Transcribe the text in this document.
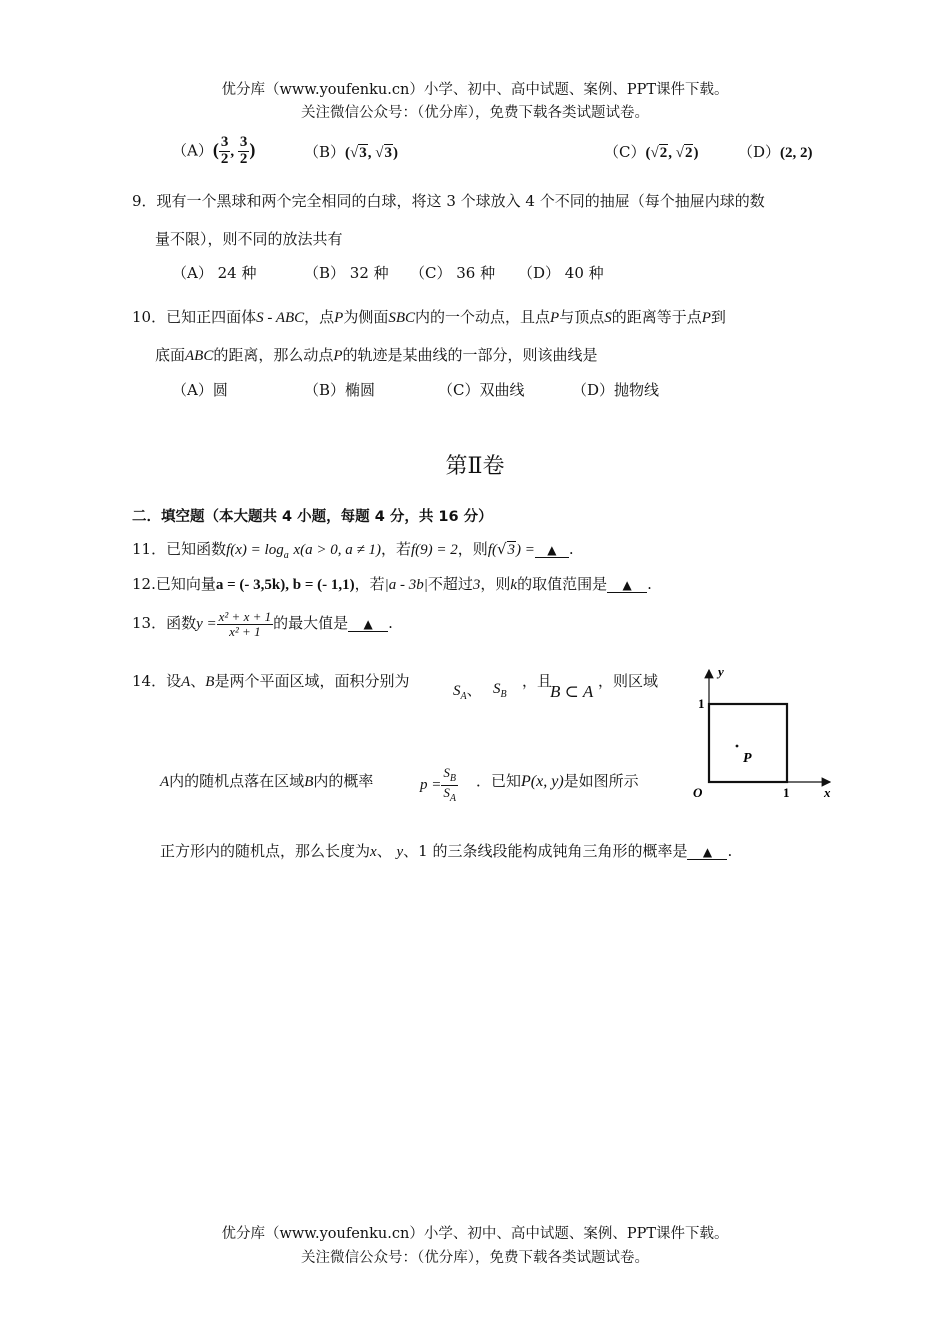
优分库（www.youfenku.cn）小学、初中、高中试题、案例、PPT课件下载。
关注微信公众号：（优分库），免费下载各类试题试卷。
$(A)( \frac{3}{2}$ , $\frac{3}{2}$ )	（B）(√3, √3)	（C）(√2, √2)	（D）(2, 2)
9．现有一个黑球和两个完全相同的白球，将这 3 个球放入 4 个不同的抽屉（每个抽屉内球的数
量不限），则不同的放法共有
（A） 24 种	（B） 32 种 （C） 36 种 （D） 40 种
10．已知正四面体S - ABC，点P为侧面SBC内的一个动点，且点P与顶点S的距离等于点P到
底面ABC的距离，那么动点P的轨迹是某曲线的一部分，则该曲线是
（A）圆	（B）椭圆	（C）双曲线	（D）抛物线
第Ⅱ卷
二．填空题（本大题共 4 小题，每题 4 分，共 16 分）
11．已知函数$f(x) = \log_a x(a > 0$, a ≠ 1)，若f(9) = 2，则f(√3) = ▲ .
12.已知向量a = (- 3,5k), b = (- 1,1)，若|a - 3b|不超过3，则k的取值范围是 ▲ .
13．函数$y = \frac{\text{x² + x + 1}}{\text{x² + 1}}$ 的最大值是 ▲ .
14．设A、B是两个平面区域，面积分别为
$S_A$、 $S_B$
，且
B ⊂ A
，则区域
A内的随机点落在区域B内的概率	$p = \frac{S_B}{S_A}$ ．已知P(x, y)是如图所示
正方形内的随机点，那么长度为x、 y、1 的三条线段能构成钝角三角形的概率是 ▲ .
y
x
O
1
1
P
优分库（www.youfenku.cn）小学、初中、高中试题、案例、PPT课件下载。
关注微信公众号：（优分库），免费下载各类试题试卷。
